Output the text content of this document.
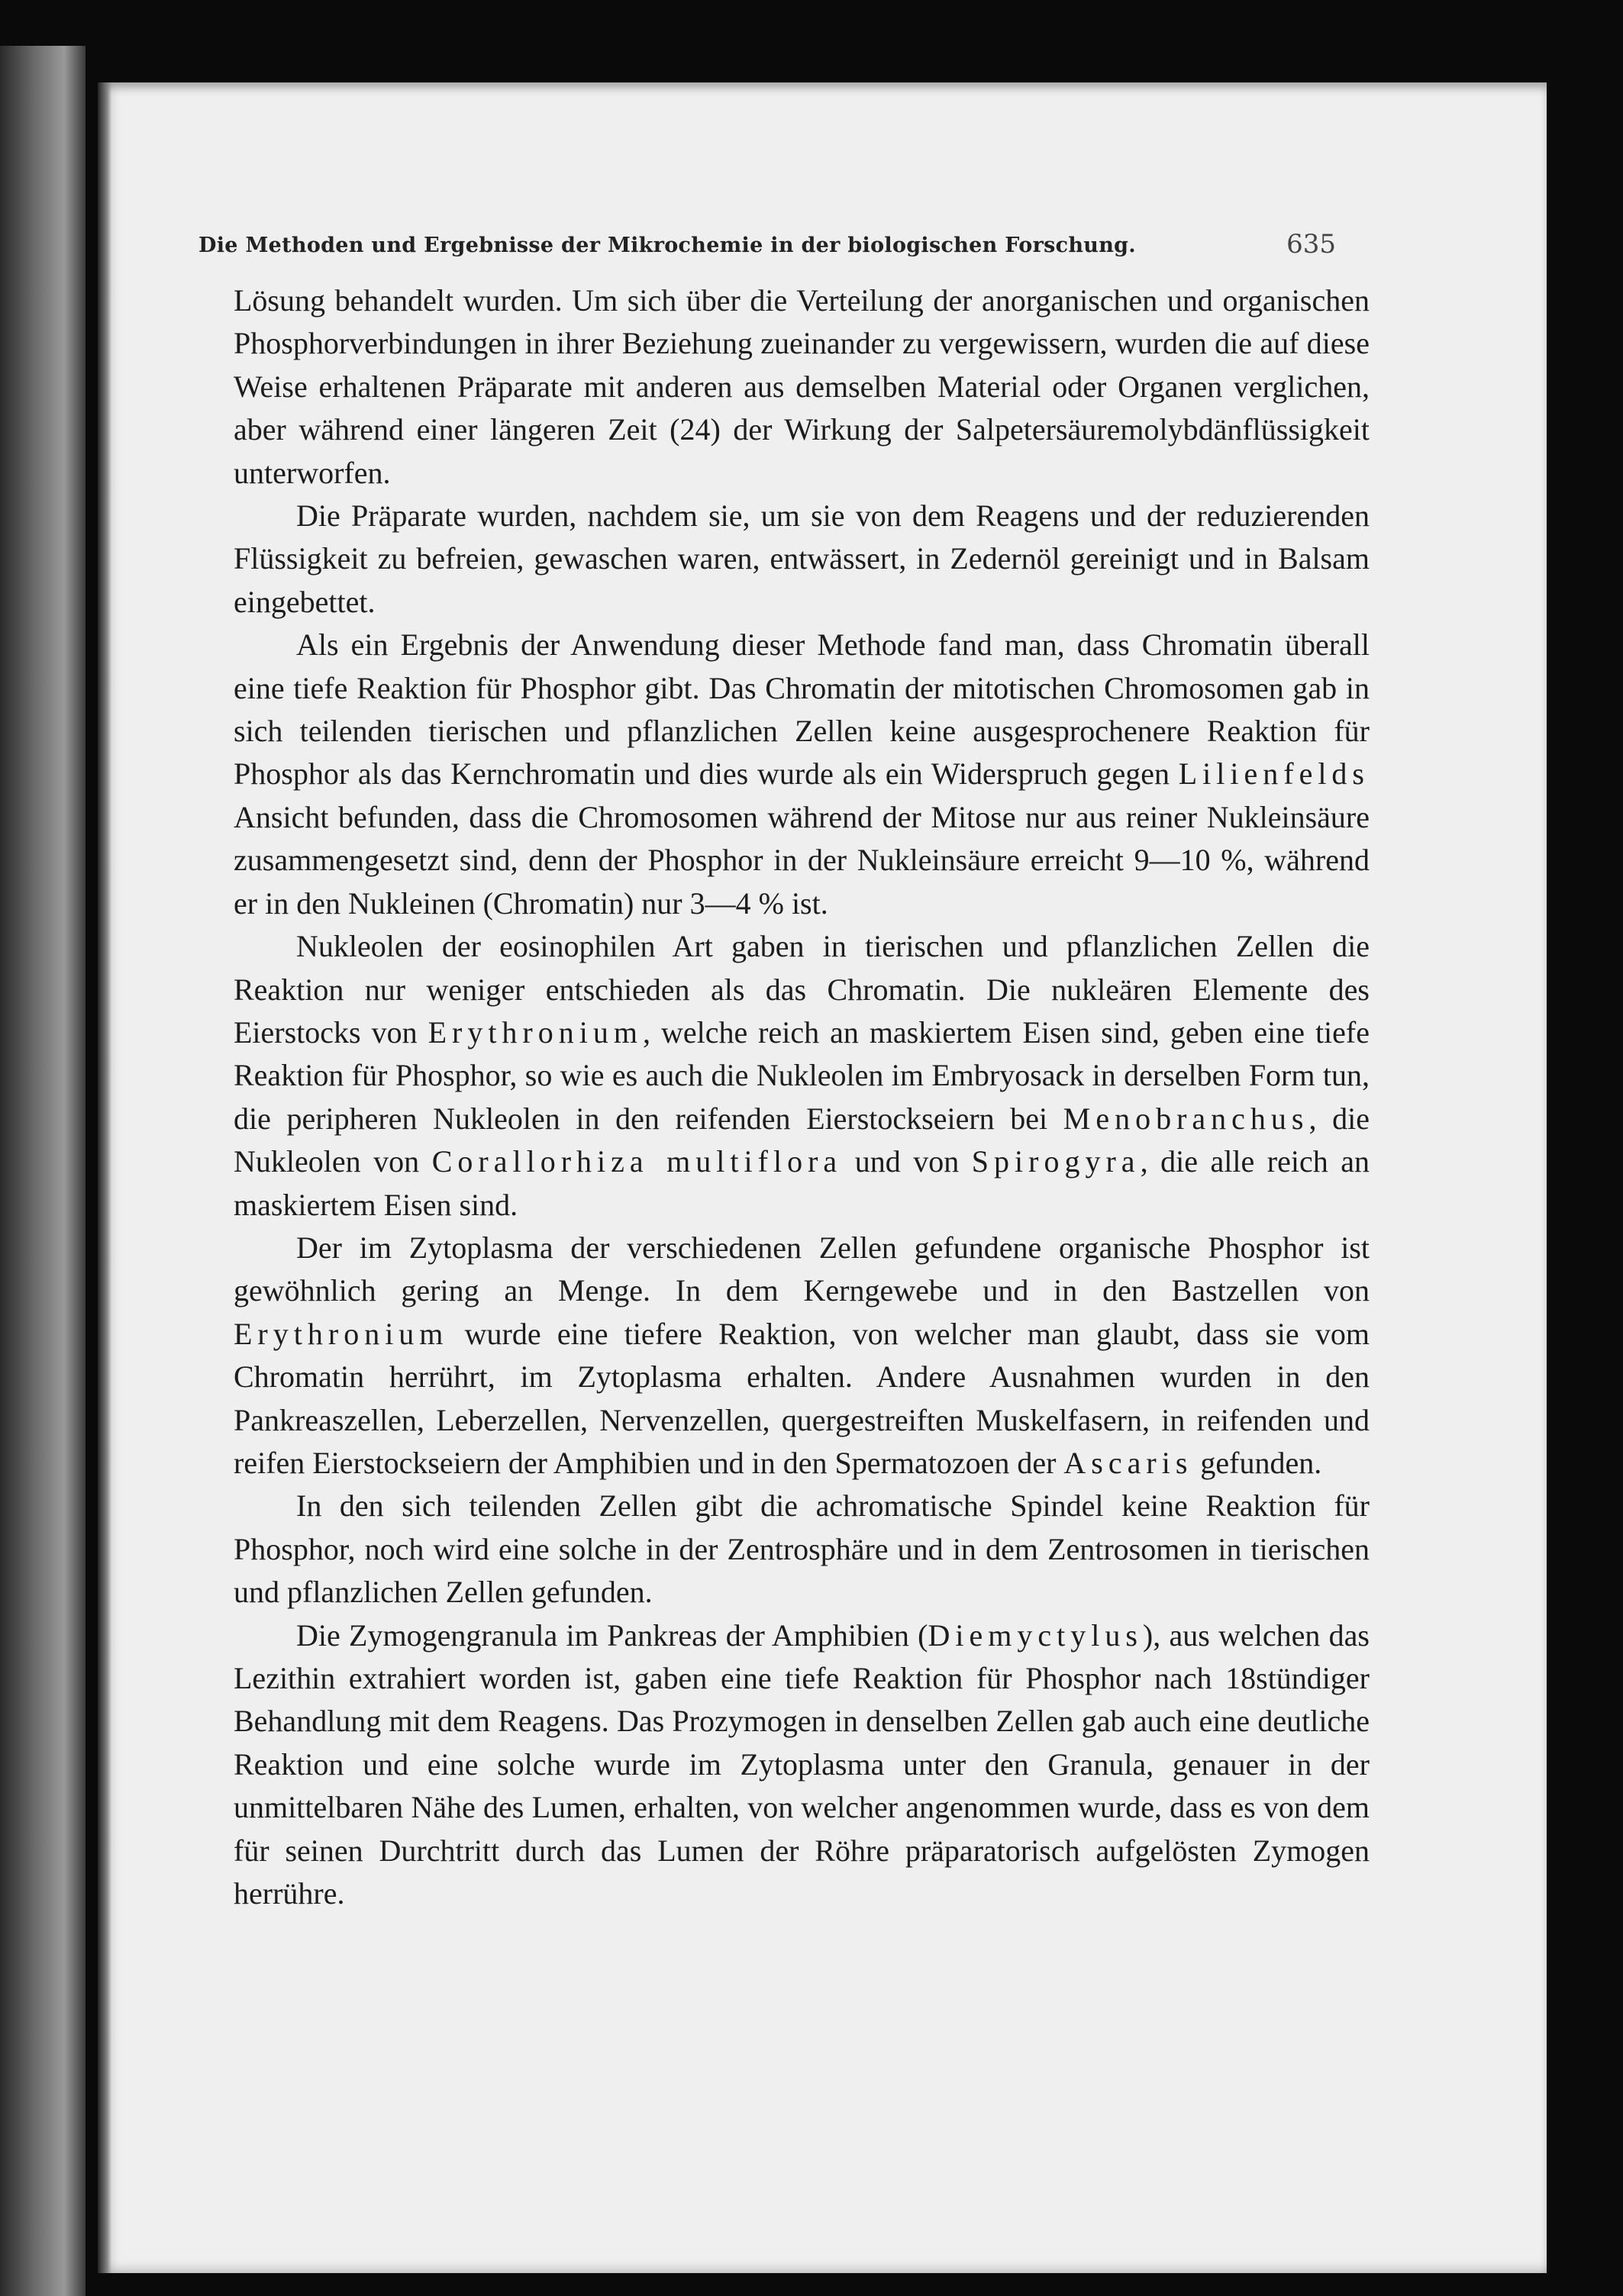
Die Methoden und Ergebnisse der Mikrochemie in der biologischen Forschung.	635

Lösung behandelt wurden. Um sich über die Verteilung der anorganischen und organischen Phosphorverbindungen in ihrer Beziehung zueinander zu vergewissern, wurden die auf diese Weise erhaltenen Präparate mit anderen aus demselben Material oder Organen verglichen, aber während einer längeren Zeit (24) der Wirkung der Salpetersäuremolybdänflüssigkeit unterworfen.

Die Präparate wurden, nachdem sie, um sie von dem Reagens und der reduzierenden Flüssigkeit zu befreien, gewaschen waren, entwässert, in Zedernöl gereinigt und in Balsam eingebettet.

Als ein Ergebnis der Anwendung dieser Methode fand man, dass Chromatin überall eine tiefe Reaktion für Phosphor gibt. Das Chromatin der mitotischen Chromosomen gab in sich teilenden tierischen und pflanzlichen Zellen keine ausgesprochenere Reaktion für Phosphor als das Kernchromatin und dies wurde als ein Widerspruch gegen Lilienfelds Ansicht befunden, dass die Chromosomen während der Mitose nur aus reiner Nukleinsäure zusammengesetzt sind, denn der Phosphor in der Nukleinsäure erreicht 9—10 %, während er in den Nukleinen (Chromatin) nur 3—4 % ist.

Nukleolen der eosinophilen Art gaben in tierischen und pflanzlichen Zellen die Reaktion nur weniger entschieden als das Chromatin. Die nukleären Elemente des Eierstocks von Erythronium, welche reich an maskiertem Eisen sind, geben eine tiefe Reaktion für Phosphor, so wie es auch die Nukleolen im Embryosack in derselben Form tun, die peripheren Nukleolen in den reifenden Eierstockseiern bei Menobranchus, die Nukleolen von Corallorhiza multiflora und von Spirogyra, die alle reich an maskiertem Eisen sind.

Der im Zytoplasma der verschiedenen Zellen gefundene organische Phosphor ist gewöhnlich gering an Menge. In dem Kerngewebe und in den Bastzellen von Erythronium wurde eine tiefere Reaktion, von welcher man glaubt, dass sie vom Chromatin herrührt, im Zytoplasma erhalten. Andere Ausnahmen wurden in den Pankreaszellen, Leberzellen, Nervenzellen, quergestreiften Muskelfasern, in reifenden und reifen Eierstockseiern der Amphibien und in den Spermatozoen der Ascaris gefunden.

In den sich teilenden Zellen gibt die achromatische Spindel keine Reaktion für Phosphor, noch wird eine solche in der Zentrosphäre und in dem Zentrosomen in tierischen und pflanzlichen Zellen gefunden.

Die Zymogengranula im Pankreas der Amphibien (Diemyctylus), aus welchen das Lezithin extrahiert worden ist, gaben eine tiefe Reaktion für Phosphor nach 18stündiger Behandlung mit dem Reagens. Das Prozymogen in denselben Zellen gab auch eine deutliche Reaktion und eine solche wurde im Zytoplasma unter den Granula, genauer in der unmittelbaren Nähe des Lumen, erhalten, von welcher angenommen wurde, dass es von dem für seinen Durchtritt durch das Lumen der Röhre präparatorisch aufgelösten Zymogen herrühre.
